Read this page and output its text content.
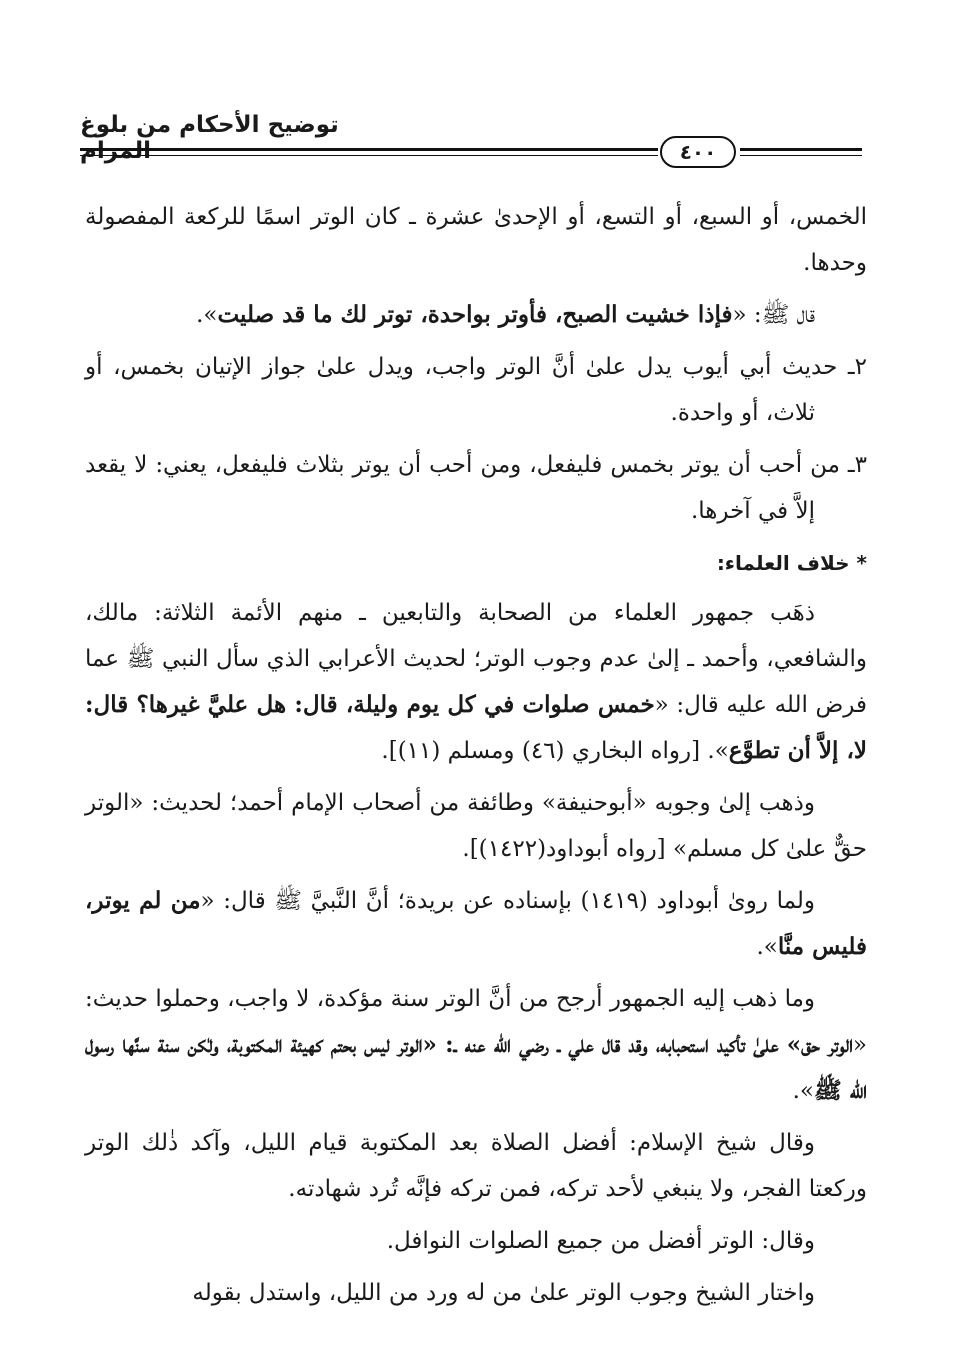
توضيح الأحكام من بلوغ المرام	٤٠٠

الخمس، أو السبع، أو التسع، أو الإحدىٰ عشرة ـ كان الوتر اسمًا للركعة المفصولة وحدها.

قال ﷺ: «فإذا خشيت الصبح، فأوتر بواحدة، توتر لك ما قد صليت».

٢ـ حديث أبي أيوب يدل علىٰ أنَّ الوتر واجب، ويدل علىٰ جواز الإتيان بخمس، أو ثلاث، أو واحدة.

٣ـ من أحب أن يوتر بخمس فليفعل، ومن أحب أن يوتر بثلاث فليفعل، يعني: لا يقعد إلاَّ في آخرها.

* خلاف العلماء:

ذهَب جمهور العلماء من الصحابة والتابعين ـ منهم الأئمة الثلاثة: مالك، والشافعي، وأحمد ـ إلىٰ عدم وجوب الوتر؛ لحديث الأعرابي الذي سأل النبي ﷺ عما فرض الله عليه قال: «خمس صلوات في كل يوم وليلة، قال: هل عليَّ غيرها؟ قال: لا، إلاَّ أن تطوَّع». [رواه البخاري (٤٦) ومسلم (١١)].

وذهب إلىٰ وجوبه «أبوحنيفة» وطائفة من أصحاب الإمام أحمد؛ لحديث: «الوتر حقٌّ علىٰ كل مسلم» [رواه أبوداود(١٤٢٢)].

ولما روىٰ أبوداود (١٤١٩) بإسناده عن بريدة؛ أنَّ النَّبيَّ ﷺ قال: «من لم يوتر، فليس منَّا».

وما ذهب إليه الجمهور أرجح من أنَّ الوتر سنة مؤكدة، لا واجب، وحملوا حديث: «الوتر حق» علىٰ تأكيد استحبابه، وقد قال علي ـ رضي الله عنه ـ: «الوتر ليس بحتم كهيئة المكتوبة، ولٰكن سنة سنَّها رسول الله ﷺ».

وقال شيخ الإسلام: أفضل الصلاة بعد المكتوبة قيام الليل، وآكد ذٰلك الوتر وركعتا الفجر، ولا ينبغي لأحد تركه، فمن تركه فإنَّه تُرد شهادته.

وقال: الوتر أفضل من جميع الصلوات النوافل.

واختار الشيخ وجوب الوتر علىٰ من له ورد من الليل، واستدل بقوله
